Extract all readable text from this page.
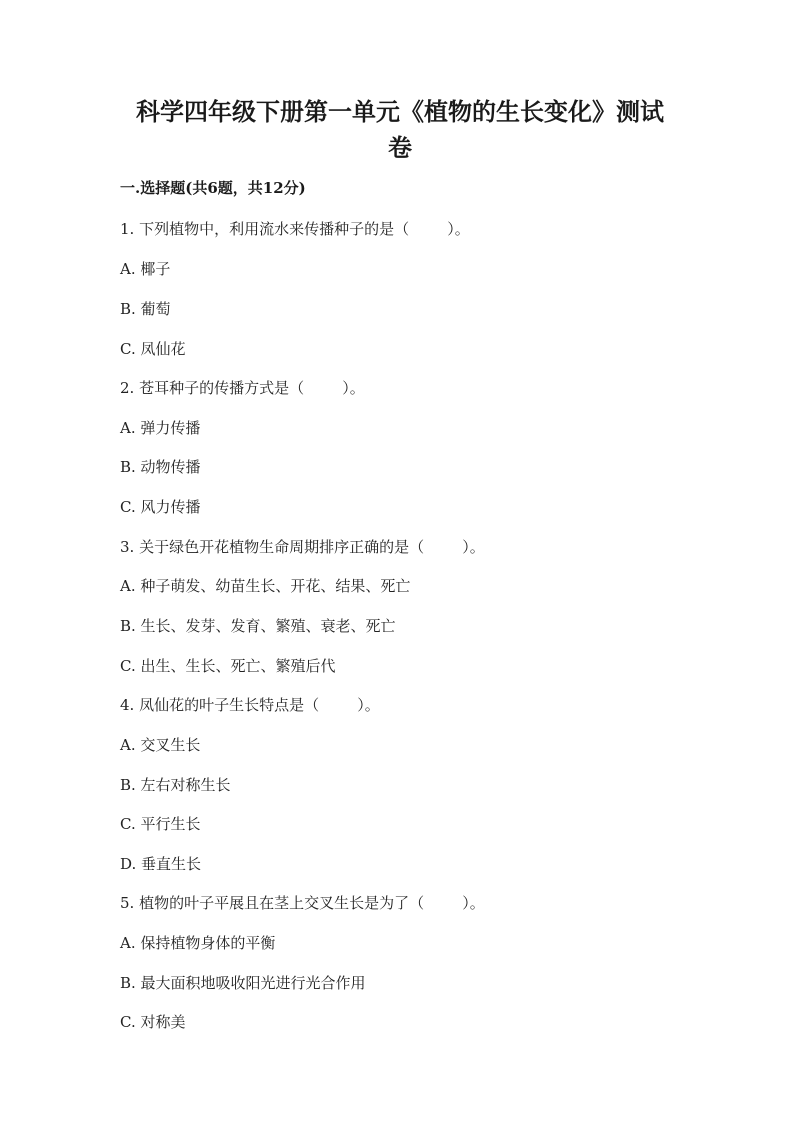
科学四年级下册第一单元《植物的生长变化》测试
卷
一.选择题(共6题，共12分)
1. 下列植物中，利用流水来传播种子的是（        ）。
A. 椰子
B. 葡萄
C. 凤仙花
2. 苍耳种子的传播方式是（        ）。
A. 弹力传播
B. 动物传播
C. 风力传播
3. 关于绿色开花植物生命周期排序正确的是（        ）。
A. 种子萌发、幼苗生长、开花、结果、死亡
B. 生长、发芽、发育、繁殖、衰老、死亡
C. 出生、生长、死亡、繁殖后代
4. 凤仙花的叶子生长特点是（        ）。
A. 交叉生长
B. 左右对称生长
C. 平行生长
D. 垂直生长
5. 植物的叶子平展且在茎上交叉生长是为了（        ）。
A. 保持植物身体的平衡
B. 最大面积地吸收阳光进行光合作用
C. 对称美
